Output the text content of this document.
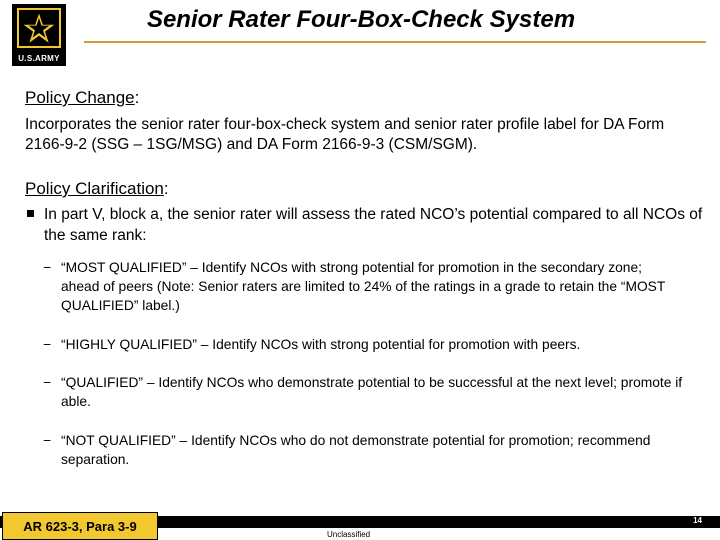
U.S.ARMY
Senior Rater Four-Box-Check System
Policy Change:
Incorporates the senior rater four-box-check system and senior rater profile label for DA Form 2166-9-2 (SSG – 1SG/MSG) and DA Form 2166-9-3 (CSM/SGM).
Policy Clarification:
In part V, block a, the senior rater will assess the rated NCO’s potential compared to all NCOs of the same rank:
− “MOST QUALIFIED” – Identify NCOs with strong potential for promotion in the secondary zone; ahead of peers (Note: Senior raters are limited to 24% of the ratings in a grade to retain the “MOST QUALIFIED” label.)
− “HIGHLY QUALIFIED” – Identify NCOs with strong potential for promotion with peers.
− “QUALIFIED” – Identify NCOs who demonstrate potential to be successful at the next level; promote if able.
− “NOT QUALIFIED” – Identify NCOs who do not demonstrate potential for promotion; recommend separation.
14
AR 623-3, Para 3-9
Unclassified
